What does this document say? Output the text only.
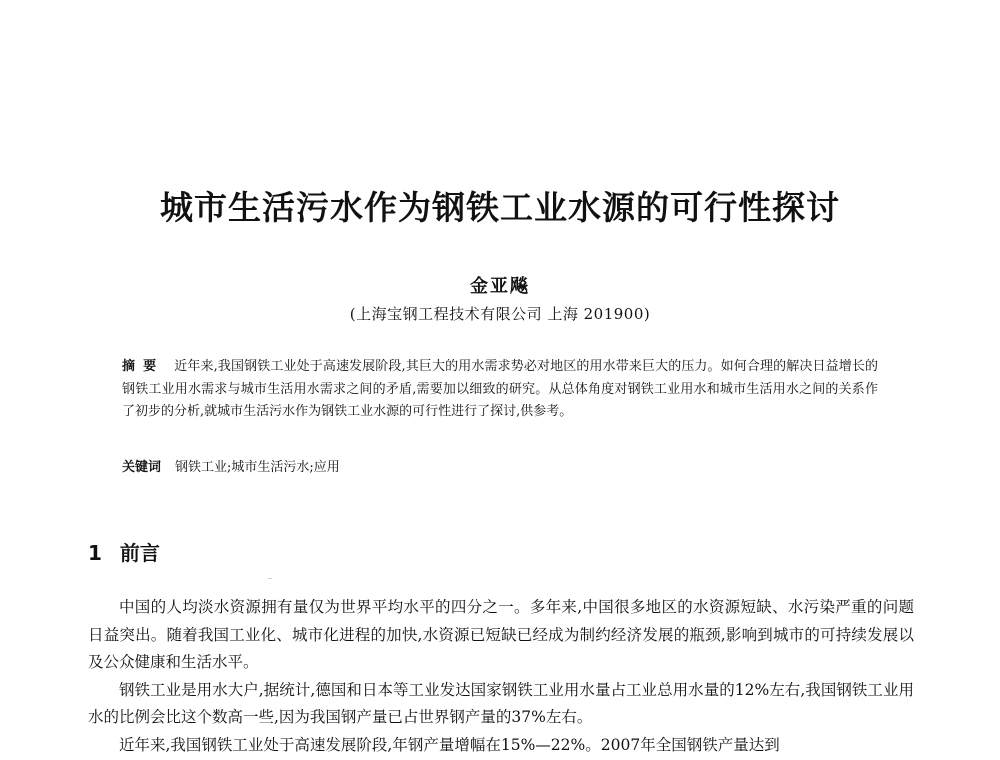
城市生活污水作为钢铁工业水源的可行性探讨
金亚飚
(上海宝钢工程技术有限公司 上海 201900)
摘要 近年来,我国钢铁工业处于高速发展阶段,其巨大的用水需求势必对地区的用水带来巨大的压力。如何合理的解决日益增长的钢铁工业用水需求与城市生活用水需求之间的矛盾,需要加以细致的研究。从总体角度对钢铁工业用水和城市生活用水之间的关系作了初步的分析,就城市生活污水作为钢铁工业水源的可行性进行了探讨,供参考。
关键词 钢铁工业;城市生活污水;应用
1 前言

中国的人均淡水资源拥有量仅为世界平均水平的四分之一。多年来,中国很多地区的水资源短缺、水污染严重的问题日益突出。随着我国工业化、城市化进程的加快,水资源已短缺已经成为制约经济发展的瓶颈,影响到城市的可持续发展以及公众健康和生活水平。

钢铁工业是用水大户,据统计,德国和日本等工业发达国家钢铁工业用水量占工业总用水量的12%左右,我国钢铁工业用水的比例会比这个数高一些,因为我国钢产量已占世界钢产量的37%左右。

近年来,我国钢铁工业处于高速发展阶段,年钢产量增幅在15%—22%。2007年全国钢铁产量达到
